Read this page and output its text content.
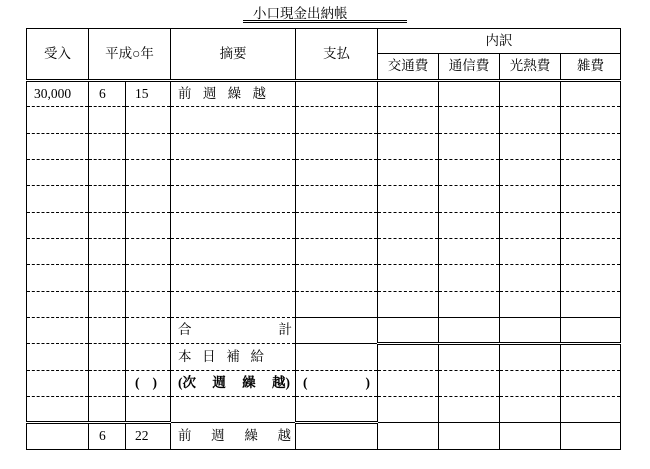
小口現金出納帳
受入	平成○年		摘要	支払	内訳			
					交通費	通信費	光熱費	雑費
30,000	6	15	前 週 繰 越					

			合 計					

			本 日 補 給					

		( )	(次 週 繰 越)	( )				

	6	22	前 週 繰 越					
